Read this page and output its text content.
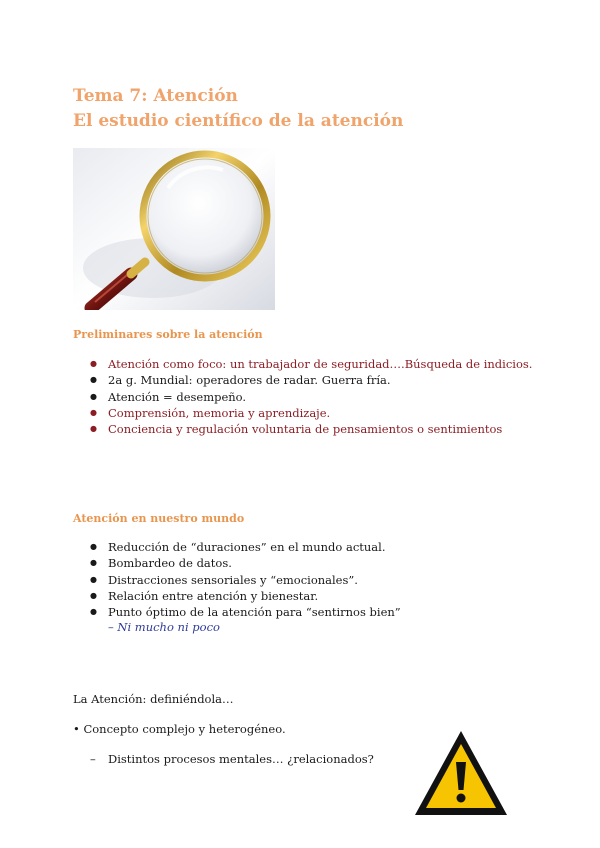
Tema 7: Atención
El estudio científico de la atención
Preliminares sobre la atención
● Atención como foco: un trabajador de seguridad….Búsqueda de indicios.
● 2a g. Mundial: operadores de radar. Guerra fría.
● Atención = desempeño.
● Comprensión, memoria y aprendizaje.
● Conciencia y regulación voluntaria de pensamientos o sentimientos
Atención en nuestro mundo
● Reducción de “duraciones” en el mundo actual.
● Bombardeo de datos.
● Distracciones sensoriales y “emocionales”.
● Relación entre atención y bienestar.
● Punto óptimo de la atención para “sentirnos bien”
– Ni mucho ni poco

La Atención: definiéndola…

• Concepto complejo y heterogéneo.

– Distintos procesos mentales… ¿relacionados?
